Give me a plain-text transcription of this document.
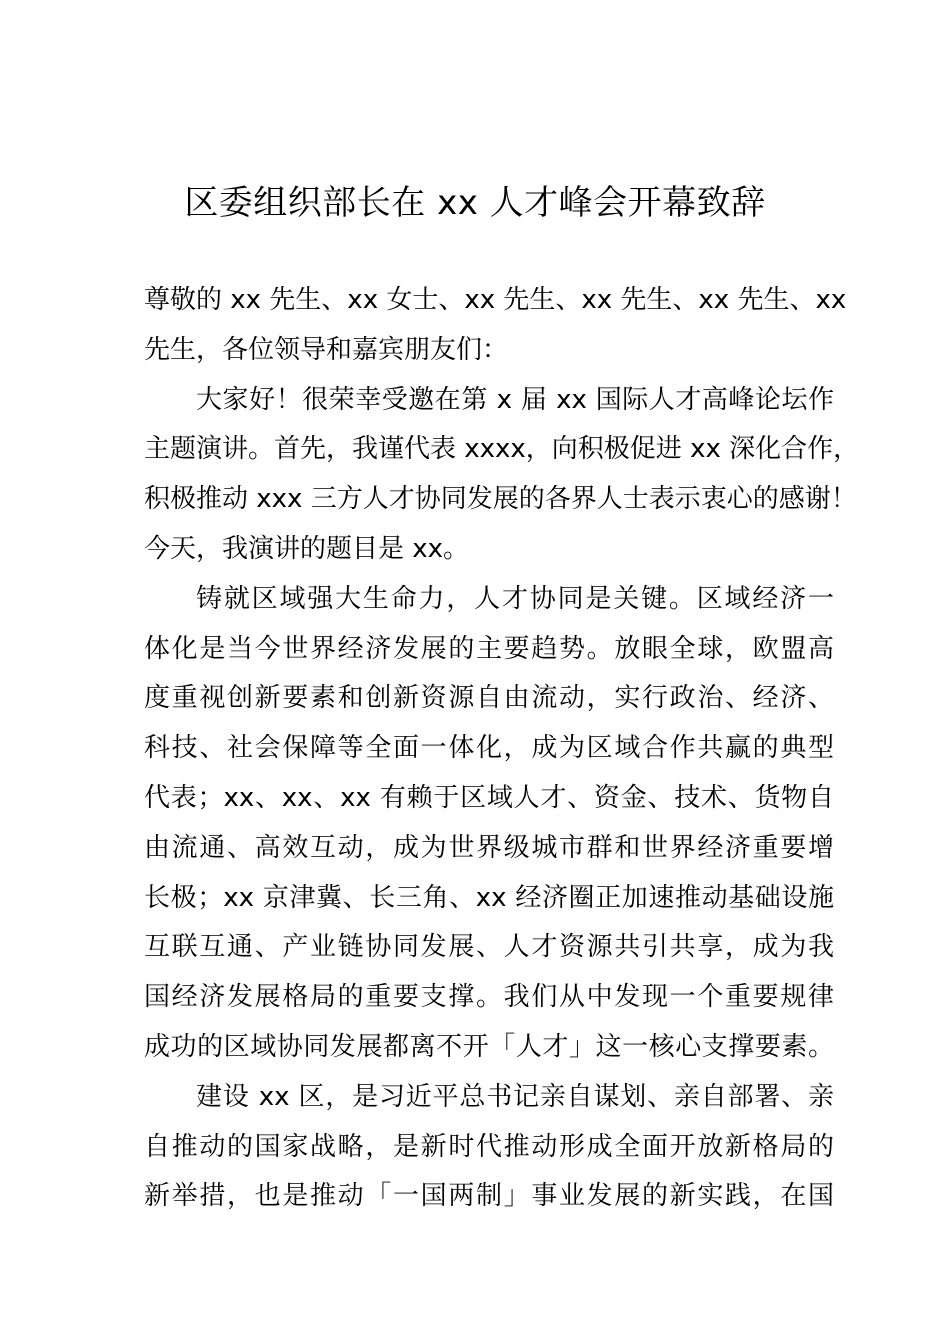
区委组织部长在 xx 人才峰会开幕致辞
尊敬的 xx 先生、xx 女士、xx 先生、xx 先生、xx 先生、xx
先生，各位领导和嘉宾朋友们：
大家好！很荣幸受邀在第 x 届 xx 国际人才高峰论坛作
主题演讲。首先，我谨代表 xxxx，向积极促进 xx 深化合作，
积极推动 xxx 三方人才协同发展的各界人士表示衷心的感谢！
今天，我演讲的题目是 xx。
铸就区域强大生命力，人才协同是关键。区域经济一
体化是当今世界经济发展的主要趋势。放眼全球，欧盟高
度重视创新要素和创新资源自由流动，实行政治、经济、
科技、社会保障等全面一体化，成为区域合作共赢的典型
代表；xx、xx、xx 有赖于区域人才、资金、技术、货物自
由流通、高效互动，成为世界级城市群和世界经济重要增
长极；xx 京津冀、长三角、xx 经济圈正加速推动基础设施
互联互通、产业链协同发展、人才资源共引共享，成为我
国经济发展格局的重要支撑。我们从中发现一个重要规律
成功的区域协同发展都离不开「人才」这一核心支撑要素。
建设 xx 区，是习近平总书记亲自谋划、亲自部署、亲
自推动的国家战略，是新时代推动形成全面开放新格局的
新举措，也是推动「一国两制」事业发展的新实践，在国
